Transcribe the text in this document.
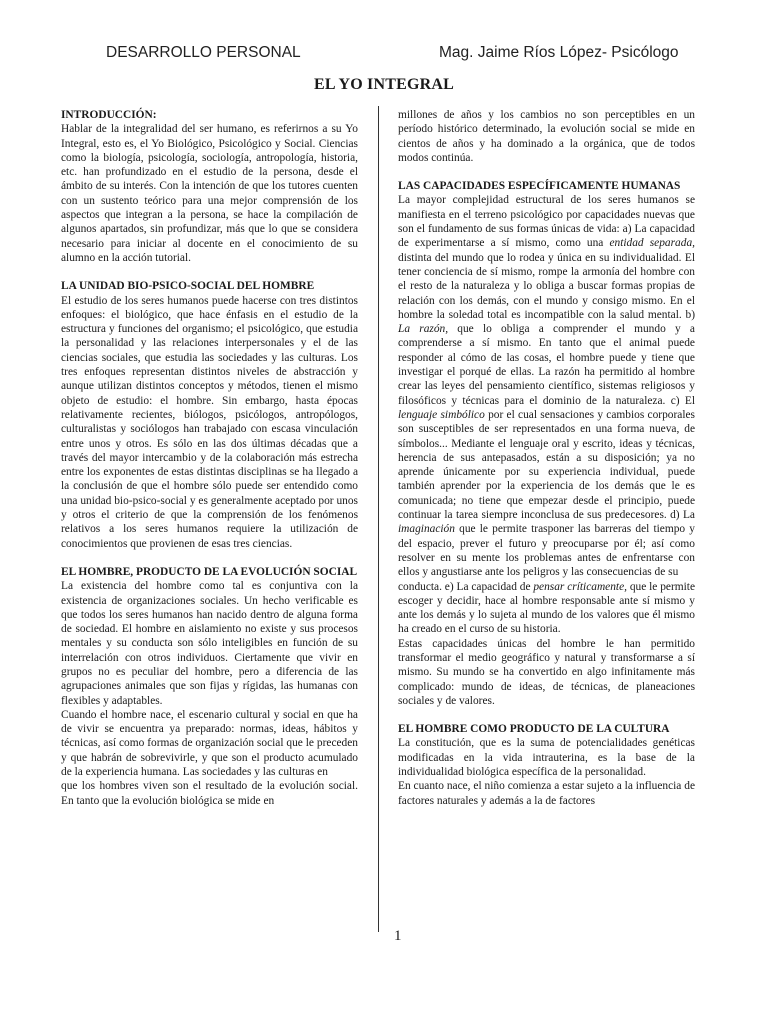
DESARROLLO PERSONAL	Mag. Jaime Ríos López- Psicólogo
EL YO INTEGRAL
INTRODUCCIÓN:

Hablar de la integralidad del ser humano, es referirnos a su Yo Integral, esto es, el Yo Biológico, Psicológico y Social. Ciencias como la biología, psicología, sociología, antropología, historia, etc. han profundizado en el estudio de la persona, desde el ámbito de su interés. Con la intención de que los tutores cuenten con un sustento teórico para una mejor comprensión de los aspectos que integran a la persona, se hace la compilación de algunos apartados, sin profundizar, más que lo que se considera necesario para iniciar al docente en el conocimiento de su alumno en la acción tutorial.

LA UNIDAD BIO-PSICO-SOCIAL DEL HOMBRE

El estudio de los seres humanos puede hacerse con tres distintos enfoques: el biológico, que hace énfasis en el estudio de la estructura y funciones del organismo; el psicológico, que estudia la personalidad y las relaciones interpersonales y el de las ciencias sociales, que estudia las sociedades y las culturas. Los tres enfoques representan distintos niveles de abstracción y aunque utilizan distintos conceptos y métodos, tienen el mismo objeto de estudio: el hombre. Sin embargo, hasta épocas relativamente recientes, biólogos, psicólogos, antropólogos, culturalistas y sociólogos han trabajado con escasa vinculación entre unos y otros. Es sólo en las dos últimas décadas que a través del mayor intercambio y de la colaboración más estrecha entre los exponentes de estas distintas disciplinas se ha llegado a la conclusión de que el hombre sólo puede ser entendido como una unidad bio-psico-social y es generalmente aceptado por unos y otros el criterio de que la comprensión de los fenómenos relativos a los seres humanos requiere la utilización de conocimientos que provienen de esas tres ciencias.

EL HOMBRE, PRODUCTO DE LA EVOLUCIÓN SOCIAL

La existencia del hombre como tal es conjuntiva con la existencia de organizaciones sociales. Un hecho verificable es que todos los seres humanos han nacido dentro de alguna forma de sociedad. El hombre en aislamiento no existe y sus procesos mentales y su conducta son sólo inteligibles en función de su interrelación con otros individuos. Ciertamente que vivir en grupos no es peculiar del hombre, pero a diferencia de las agrupaciones animales que son fijas y rígidas, las humanas con flexibles y adaptables.

Cuando el hombre nace, el escenario cultural y social en que ha de vivir se encuentra ya preparado: normas, ideas, hábitos y técnicas, así como formas de organización social que le preceden y que habrán de sobrevivirle, y que son el producto acumulado de la experiencia humana. Las sociedades y las culturas en

que los hombres viven son el resultado de la evolución social. En tanto que la evolución biológica se mide en

millones de años y los cambios no son perceptibles en un período histórico determinado, la evolución social se mide en cientos de años y ha dominado a la orgánica, que de todos modos continúa.

LAS CAPACIDADES ESPECÍFICAMENTE HUMANAS

La mayor complejidad estructural de los seres humanos se manifiesta en el terreno psicológico por capacidades nuevas que son el fundamento de sus formas únicas de vida: a) La capacidad de experimentarse a sí mismo, como una entidad separada, distinta del mundo que lo rodea y única en su individualidad. El tener conciencia de sí mismo, rompe la armonía del hombre con el resto de la naturaleza y lo obliga a buscar formas propias de relación con los demás, con el mundo y consigo mismo. En el hombre la soledad total es incompatible con la salud mental. b) La razón, que lo obliga a comprender el mundo y a comprenderse a sí mismo. En tanto que el animal puede responder al cómo de las cosas, el hombre puede y tiene que investigar el porqué de ellas. La razón ha permitido al hombre crear las leyes del pensamiento científico, sistemas religiosos y filosóficos y técnicas para el dominio de la naturaleza. c) El lenguaje simbólico por el cual sensaciones y cambios corporales son susceptibles de ser representados en una forma nueva, de símbolos... Mediante el lenguaje oral y escrito, ideas y técnicas, herencia de sus antepasados, están a su disposición; ya no aprende únicamente por su experiencia individual, puede también aprender por la experiencia de los demás que le es comunicada; no tiene que empezar desde el principio, puede continuar la tarea siempre inconclusa de sus predecesores. d) La imaginación que le permite trasponer las barreras del tiempo y del espacio, prever el futuro y preocuparse por él; así como resolver en su mente los problemas antes de enfrentarse con ellos y angustiarse ante los peligros y las consecuencias de su

conducta. e) La capacidad de pensar críticamente, que le permite escoger y decidir, hace al hombre responsable ante sí mismo y ante los demás y lo sujeta al mundo de los valores que él mismo ha creado en el curso de su historia.

Estas capacidades únicas del hombre le han permitido transformar el medio geográfico y natural y transformarse a sí mismo. Su mundo se ha convertido en algo infinitamente más complicado: mundo de ideas, de técnicas, de planeaciones sociales y de valores.

EL HOMBRE COMO PRODUCTO DE LA CULTURA

La constitución, que es la suma de potencialidades genéticas modificadas en la vida intrauterina, es la base de la individualidad biológica específica de la personalidad.

En cuanto nace, el niño comienza a estar sujeto a la influencia de factores naturales y además a la de factores

1
